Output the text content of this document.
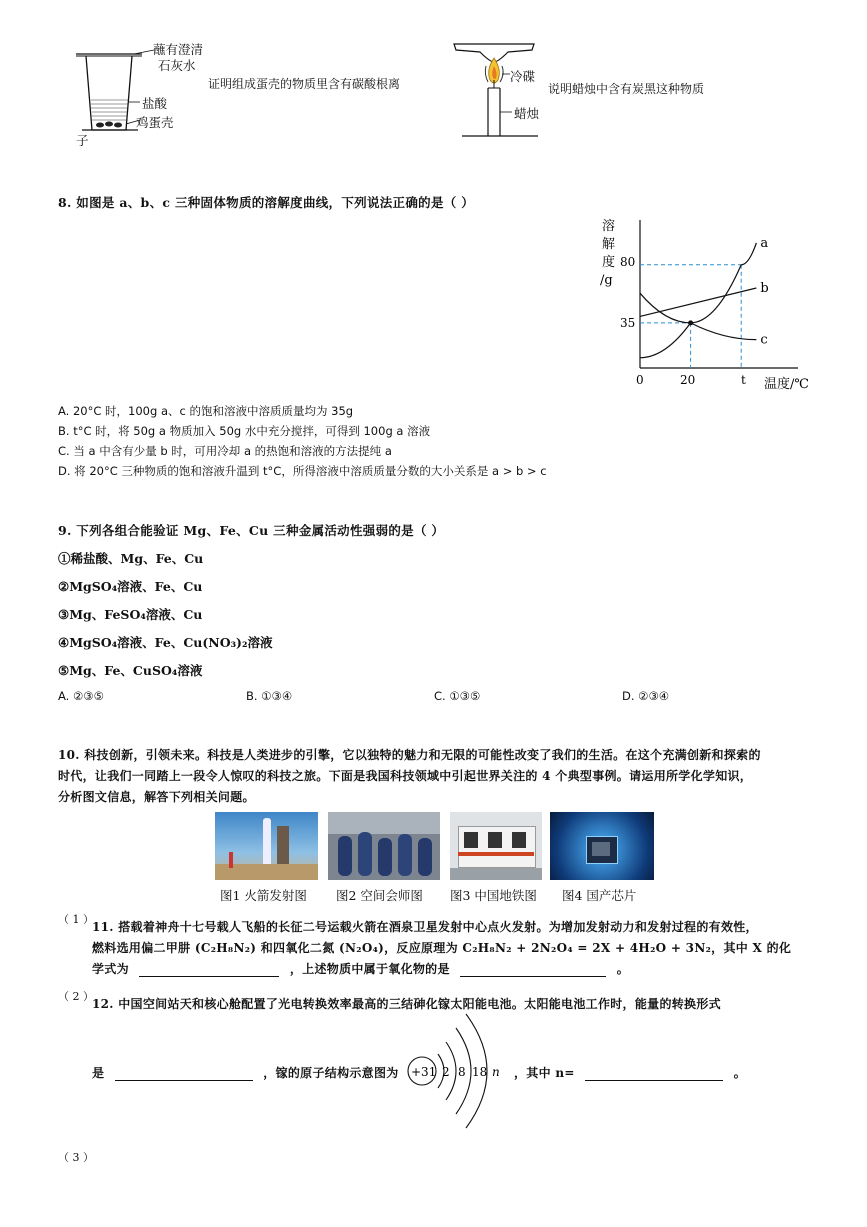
蘸有澄清
石灰水
盐酸
鸡蛋壳
子
证明组成蛋壳的物质里含有碳酸根离	冷碟
蜡烛
说明蜡烛中含有炭黑这种物质
8. 如图是 a、b、c 三种固体物质的溶解度曲线，下列说法正确的是（ ）
溶
解
度
/g
0	20	t
80
35
温度/℃
a
b
c
A. 20°C 时，100g a、c 的饱和溶液中溶质质量均为 35g
B. t°C 时，将 50g a 物质加入 50g 水中充分搅拌，可得到 100g a 溶液
C. 当 a 中含有少量 b 时，可用冷却 a 的热饱和溶液的方法提纯 a
D. 将 20°C 三种物质的饱和溶液升温到 t°C，所得溶液中溶质质量分数的大小关系是 a > b > c
9. 下列各组合能验证 Mg、Fe、Cu 三种金属活动性强弱的是（ ）
①稀盐酸、Mg、Fe、Cu
②MgSO₄溶液、Fe、Cu
③Mg、FeSO₄溶液、Cu
④MgSO₄溶液、Fe、Cu(NO₃)₂溶液
⑤Mg、Fe、CuSO₄溶液
A. ②③⑤	B. ①③④	C. ①③⑤	D. ②③④
10. 科技创新，引领未来。科技是人类进步的引擎，它以独特的魅力和无限的可能性改变了我们的生活。在这个充满创新和探索的
时代，让我们一同踏上一段令人惊叹的科技之旅。下面是我国科技领域中引起世界关注的 4 个典型事例。请运用所学化学知识，
分析图文信息，解答下列相关问题。
图1 火箭发射图 图2 空间会师图 图3 中国地铁图 图4 国产芯片
（ 1 ）
11. 搭载着神舟十七号载人飞船的长征二号运载火箭在酒泉卫星发射中心点火发射。为增加发射动力和发射过程的有效性，
燃料选用偏二甲肼 (C₂H₈N₂) 和四氧化二氮 (N₂O₄)，反应原理为 C₂H₈N₂ + 2N₂O₄ = 2X + 4H₂O + 3N₂，其中 X 的化
学式为	，上述物质中属于氧化物的是	。
（ 2 ）
12. 中国空间站天和核心舱配置了光电转换效率最高的三结砷化镓太阳能电池。太阳能电池工作时，能量的转换形式
是	，镓的原子结构示意图为 +31 2 8 18 n ，其中 n=	。
（ 3 ）
